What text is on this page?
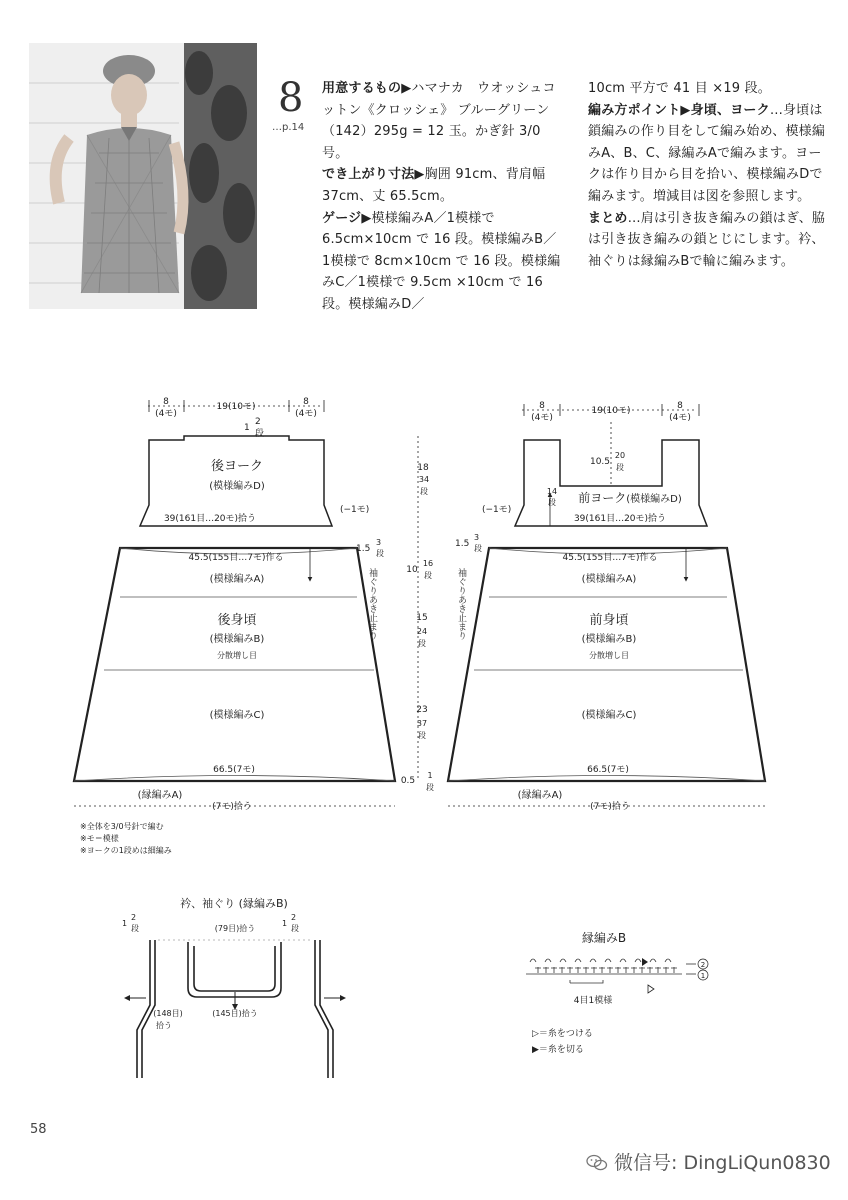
8
…p.14

用意するもの▶ハマナカ　ウオッシュコットン《クロッシェ》 ブルーグリーン（142）295g = 12 玉。かぎ針 3/0 号。

でき上がり寸法▶胸囲 91cm、背肩幅 37cm、丈 65.5cm。

ゲージ▶模様編みA／1模様で 6.5cm×10cm で 16 段。模様編みB／1模様で 8cm×10cm で 16 段。模様編みC／1模様で 9.5cm ×10cm で 16 段。模様編みD／

10cm 平方で 41 目 ×19 段。

編み方ポイント▶身頃、ヨーク…身頃は鎖編みの作り目をして編み始め、模様編みA、B、C、縁編みAで編みます。ヨークは作り目から目を拾い、模様編みDで編みます。増減目は図を参照します。

まとめ…肩は引き抜き編みの鎖はぎ、脇は引き抜き編みの鎖とじにします。衿、袖ぐりは縁編みBで輪に編みます。

8
(4モ)
19(10モ)	8
(4モ)
1
2
段
後ヨーク
(模様編みD)
39(161目…20モ)拾う
(−1モ)
45.5(155目…7モ)作る
1.5
3
段
(模様編みA)
後身頃
(模様編みB)
分散増し目
(模様編みC)
66.5(7モ)
(縁編みA)
(7モ)拾う
袖ぐりあき止まり
18
34
段
10
16
段
15
24
段
23
37
段
0.5
1
段
8
(4モ)
19(10モ)	8
(4モ)
10.5
20
段
14
段 前ヨーク(模様編みD)
39(161目…20モ)拾う
(−1モ)
45.5(155目…7モ)作る
1.5
3
段
袖ぐりあき止まり	(模様編みA)
前身頃
(模様編みB)
分散増し目
(模様編みC)
66.5(7モ)
(縁編みA)
(7モ)拾う
※全体を3/0号針で編む
※モ＝模様
※ヨークの1段めは細編み
衿、袖ぐり (縁編みB)
(79目)拾う
(145目)拾う
(148目)
拾う
1
2
段
1
2
段
縁編みB
2
1
4目1模様
▷＝糸をつける
▶＝糸を切る
58
微信号: DingLiQun0830
